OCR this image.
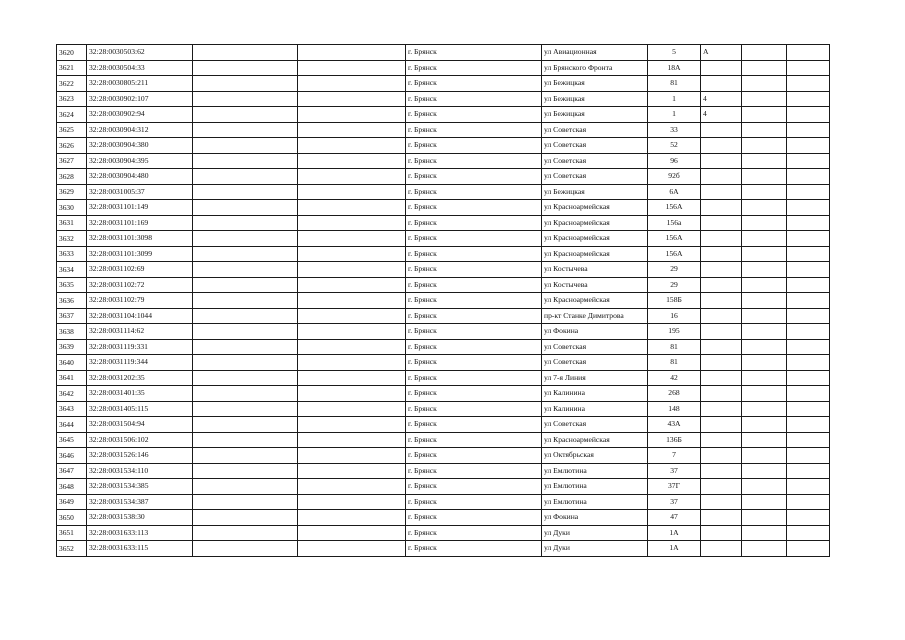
3620	32:28:0030503:62			г. Брянск	ул Авиационная	5	А		
3621	32:28:0030504:33			г. Брянск	ул Брянского Фронта	18А			
3622	32:28:0030805:211			г. Брянск	ул Бежицкая	81			
3623	32:28:0030902:107			г. Брянск	ул Бежицкая	1	4		
3624	32:28:0030902:94			г. Брянск	ул Бежицкая	1	4		
3625	32:28:0030904:312			г. Брянск	ул Советская	33			
3626	32:28:0030904:380			г. Брянск	ул Советская	52			
3627	32:28:0030904:395			г. Брянск	ул Советская	96			
3628	32:28:0030904:480			г. Брянск	ул Советская	92б			
3629	32:28:0031005:37			г. Брянск	ул Бежицкая	6А			
3630	32:28:0031101:149			г. Брянск	ул Красноармейская	156А			
3631	32:28:0031101:169			г. Брянск	ул Красноармейская	156а			
3632	32:28:0031101:3098			г. Брянск	ул Красноармейская	156А			
3633	32:28:0031101:3099			г. Брянск	ул Красноармейская	156А			
3634	32:28:0031102:69			г. Брянск	ул Костычева	29			
3635	32:28:0031102:72			г. Брянск	ул Костычева	29			
3636	32:28:0031102:79			г. Брянск	ул Красноармейская	158Б			
3637	32:28:0031104:1044			г. Брянск	пр-кт Станке Димитрова	16			
3638	32:28:0031114:62			г. Брянск	ул Фокина	195			
3639	32:28:0031119:331			г. Брянск	ул Советская	81			
3640	32:28:0031119:344			г. Брянск	ул Советская	81			
3641	32:28:0031202:35			г. Брянск	ул 7-я Линия	42			
3642	32:28:0031401:35			г. Брянск	ул Калинина	268			
3643	32:28:0031405:115			г. Брянск	ул Калинина	148			
3644	32:28:0031504:94			г. Брянск	ул Советская	43А			
3645	32:28:0031506:102			г. Брянск	ул Красноармейская	136Б			
3646	32:28:0031526:146			г. Брянск	ул Октябрьская	7			
3647	32:28:0031534:110			г. Брянск	ул Емлютина	37			
3648	32:28:0031534:385			г. Брянск	ул Емлютина	37Г			
3649	32:28:0031534:387			г. Брянск	ул Емлютина	37			
3650	32:28:0031538:30			г. Брянск	ул Фокина	47			
3651	32:28:0031633:113			г. Брянск	ул Дуки	1А			
3652	32:28:0031633:115			г. Брянск	ул Дуки	1А			
